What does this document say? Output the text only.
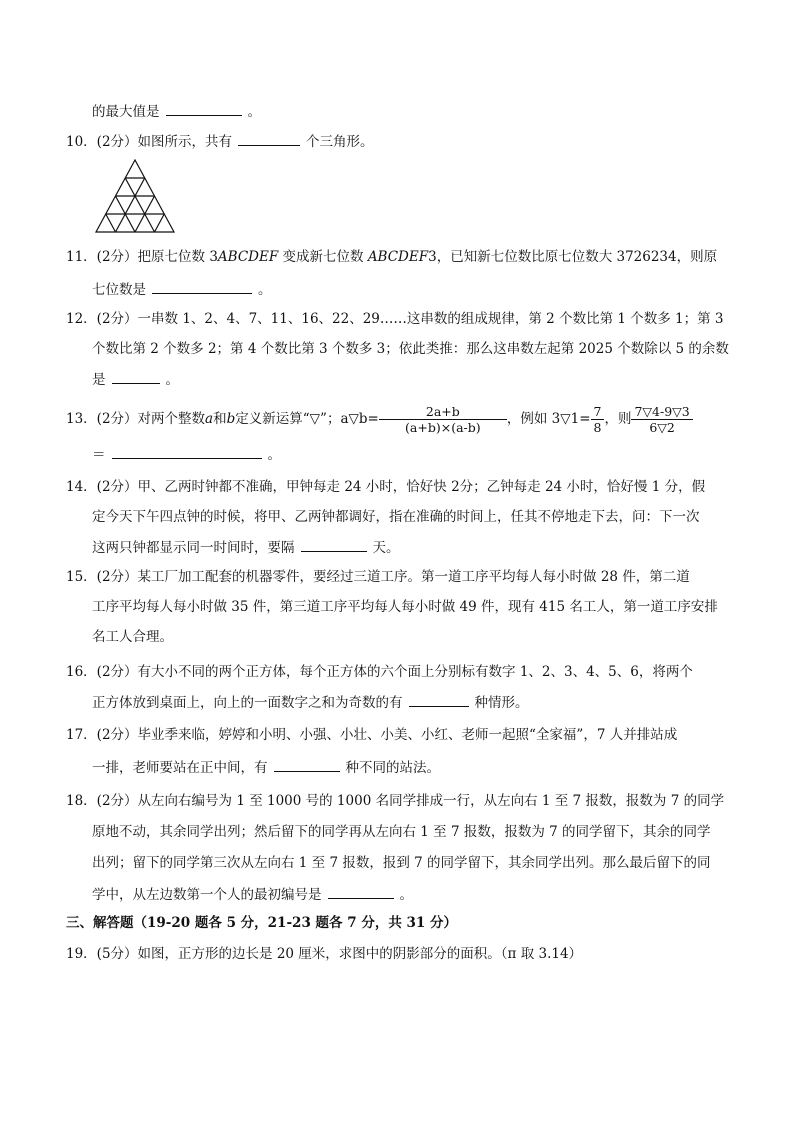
的最大值是	。
10．(2分）如图所示，共有	个三角形。
11．(2分）把原七位数 3ABCDEF 变成新七位数 ABCDEF3，已知新七位数比原七位数大 3726234，则原
七位数是	。
12．(2分）一串数 1、2、4、7、11、16、22、29……这串数的组成规律，第 2 个数比第 1 个数多 1；第 3
个数比第 2 个数多 2；第 4 个数比第 3 个数多 3；依此类推：那么这串数左起第 2025 个数除以 5 的余数
是	。
13．(2分）对两个整数a和b定义新运算“▽”；a▽b= $\frac{2a+b}{(a+b)\times(a-b)}$ ，例如 3▽1= $\frac{7}{8}$ ，则 $\frac{7▽4-9▽3}{6▽2}$
＝	。
14．(2分）甲、乙两时钟都不准确，甲钟每走 24 小时，恰好快 2分；乙钟每走 24 小时，恰好慢 1 分，假
定今天下午四点钟的时候，将甲、乙两钟都调好，指在准确的时间上，任其不停地走下去，问：下一次
这两只钟都显示同一时间时，要隔	天。
15．(2分）某工厂加工配套的机器零件，要经过三道工序。第一道工序平均每人每小时做 28 件，第二道
工序平均每人每小时做 35 件，第三道工序平均每人每小时做 49 件，现有 415 名工人，第一道工序安排
名工人合理。
16．(2分）有大小不同的两个正方体，每个正方体的六个面上分别标有数字 1、2、3、4、5、6，将两个
正方体放到桌面上，向上的一面数字之和为奇数的有	种情形。
17．(2分）毕业季来临，婷婷和小明、小强、小壮、小美、小红、老师一起照“全家福”，7 人并排站成
一排，老师要站在正中间，有	种不同的站法。
18．(2分）从左向右编号为 1 至 1000 号的 1000 名同学排成一行，从左向右 1 至 7 报数，报数为 7 的同学
原地不动，其余同学出列；然后留下的同学再从左向右 1 至 7 报数，报数为 7 的同学留下，其余的同学
出列；留下的同学第三次从左向右 1 至 7 报数，报到 7 的同学留下，其余同学出列。那么最后留下的同
学中，从左边数第一个人的最初编号是	。
三、解答题（19-20 题各 5 分，21-23 题各 7 分，共 31 分）
19．(5分）如图，正方形的边长是 20 厘米，求图中的阴影部分的面积。（π 取 3.14）
